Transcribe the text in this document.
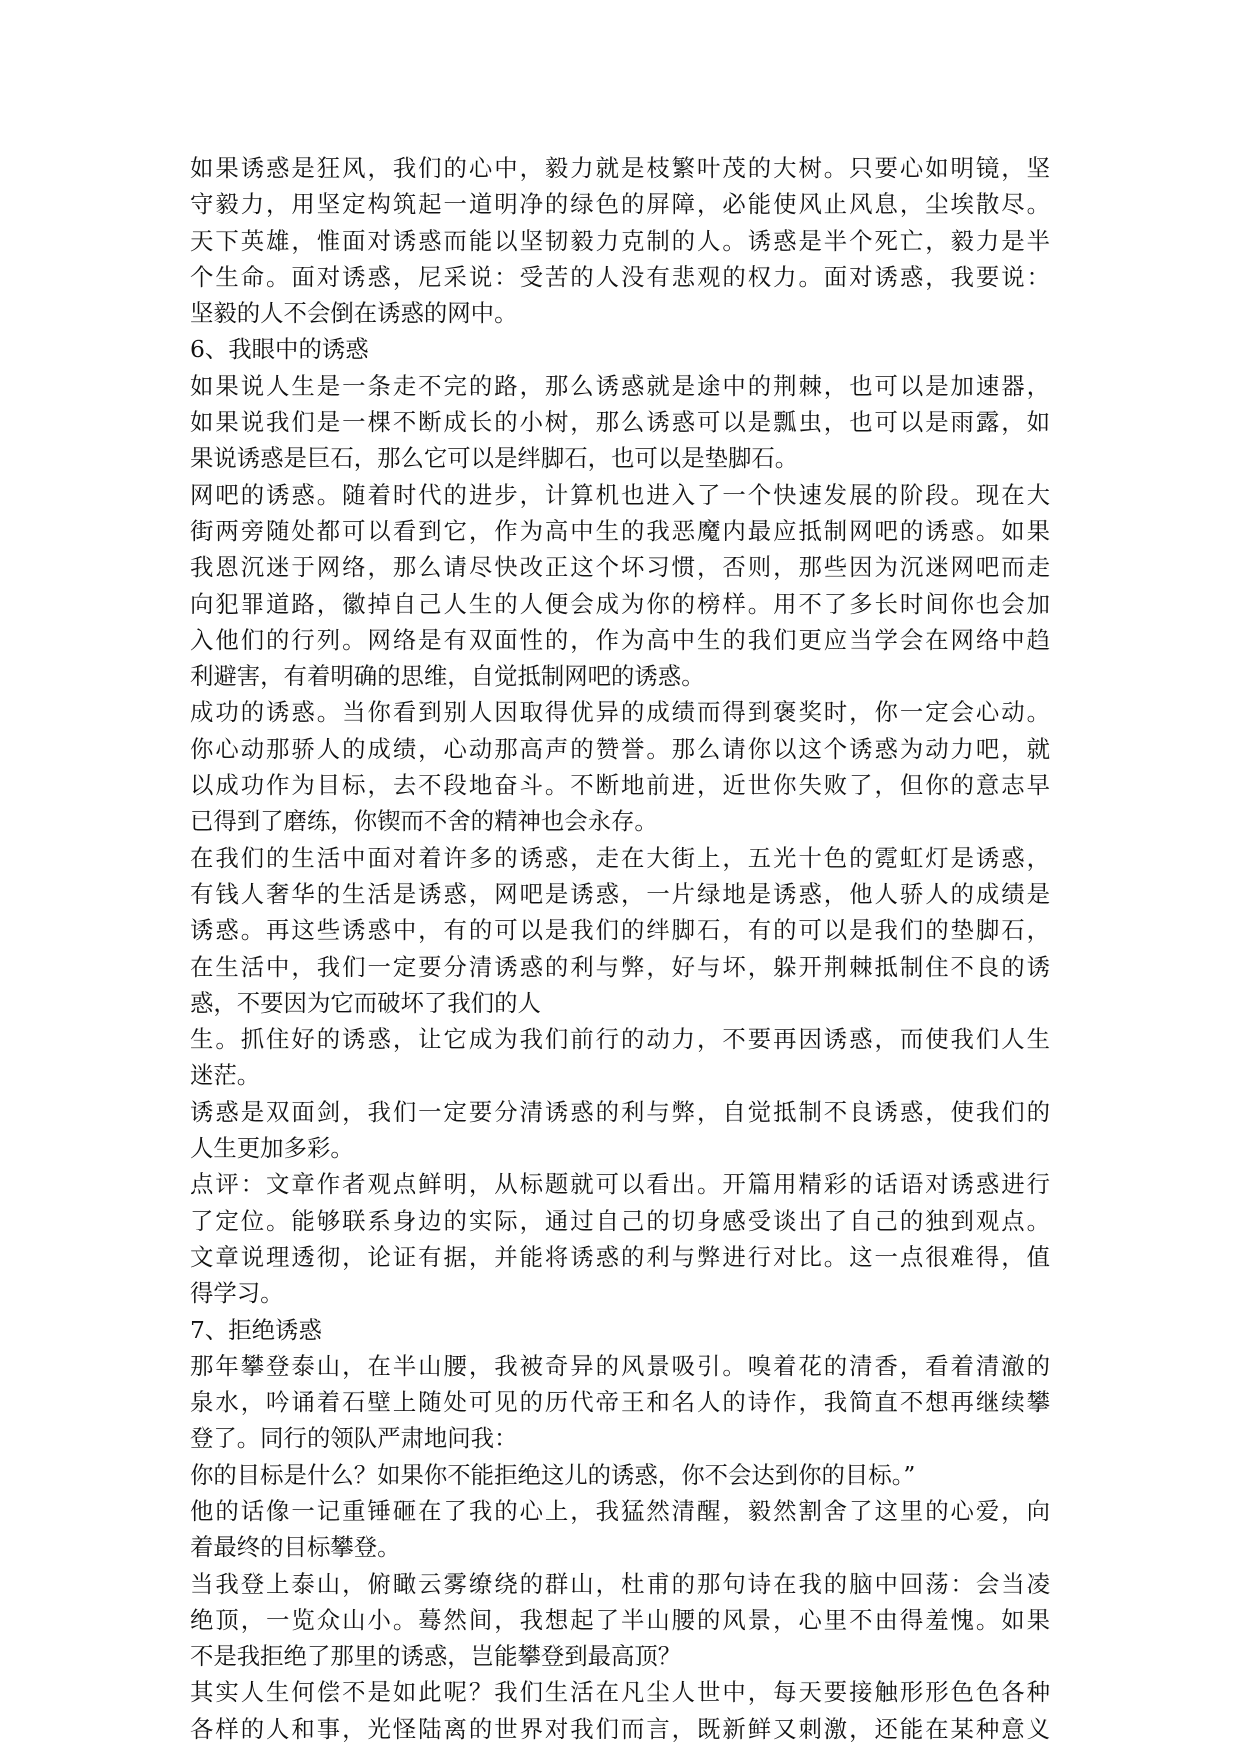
如果诱惑是狂风，我们的心中，毅力就是枝繁叶茂的大树。只要心如明镜，坚
守毅力，用坚定构筑起一道明净的绿色的屏障，必能使风止风息，尘埃散尽。
天下英雄，惟面对诱惑而能以坚韧毅力克制的人。诱惑是半个死亡，毅力是半
个生命。面对诱惑，尼采说：受苦的人没有悲观的权力。面对诱惑，我要说：
坚毅的人不会倒在诱惑的网中。
6、我眼中的诱惑
如果说人生是一条走不完的路，那么诱惑就是途中的荆棘，也可以是加速器，
如果说我们是一棵不断成长的小树，那么诱惑可以是瓢虫，也可以是雨露，如
果说诱惑是巨石，那么它可以是绊脚石，也可以是垫脚石。
网吧的诱惑。随着时代的进步，计算机也进入了一个快速发展的阶段。现在大
街两旁随处都可以看到它，作为高中生的我恶魔内最应抵制网吧的诱惑。如果
我恩沉迷于网络，那么请尽快改正这个坏习惯，否则，那些因为沉迷网吧而走
向犯罪道路，徽掉自己人生的人便会成为你的榜样。用不了多长时间你也会加
入他们的行列。网络是有双面性的，作为高中生的我们更应当学会在网络中趋
利避害，有着明确的思维，自觉抵制网吧的诱惑。
成功的诱惑。当你看到别人因取得优异的成绩而得到褒奖时，你一定会心动。
你心动那骄人的成绩，心动那高声的赞誉。那么请你以这个诱惑为动力吧，就
以成功作为目标，去不段地奋斗。不断地前进，近世你失败了，但你的意志早
已得到了磨练，你锲而不舍的精神也会永存。
在我们的生活中面对着许多的诱惑，走在大街上，五光十色的霓虹灯是诱惑，
有钱人奢华的生活是诱惑，网吧是诱惑，一片绿地是诱惑，他人骄人的成绩是
诱惑。再这些诱惑中，有的可以是我们的绊脚石，有的可以是我们的垫脚石，
在生活中，我们一定要分清诱惑的利与弊，好与坏，躲开荆棘抵制住不良的诱
惑，不要因为它而破坏了我们的人
生。抓住好的诱惑，让它成为我们前行的动力，不要再因诱惑，而使我们人生
迷茫。
诱惑是双面剑，我们一定要分清诱惑的利与弊，自觉抵制不良诱惑，使我们的
人生更加多彩。
点评：文章作者观点鲜明，从标题就可以看出。开篇用精彩的话语对诱惑进行
了定位。能够联系身边的实际，通过自己的切身感受谈出了自己的独到观点。
文章说理透彻，论证有据，并能将诱惑的利与弊进行对比。这一点很难得，值
得学习。
7、拒绝诱惑
那年攀登泰山，在半山腰，我被奇异的风景吸引。嗅着花的清香，看着清澈的
泉水，吟诵着石壁上随处可见的历代帝王和名人的诗作，我简直不想再继续攀
登了。同行的领队严肃地问我：
你的目标是什么？如果你不能拒绝这儿的诱惑，你不会达到你的目标。”
他的话像一记重锤砸在了我的心上，我猛然清醒，毅然割舍了这里的心爱，向
着最终的目标攀登。
当我登上泰山，俯瞰云雾缭绕的群山，杜甫的那句诗在我的脑中回荡：会当凌
绝顶，一览众山小。蓦然间，我想起了半山腰的风景，心里不由得羞愧。如果
不是我拒绝了那里的诱惑，岂能攀登到最高顶？
其实人生何偿不是如此呢？我们生活在凡尘人世中，每天要接触形形色色各种
各样的人和事，光怪陆离的世界对我们而言，既新鲜又刺激，还能在某种意义
